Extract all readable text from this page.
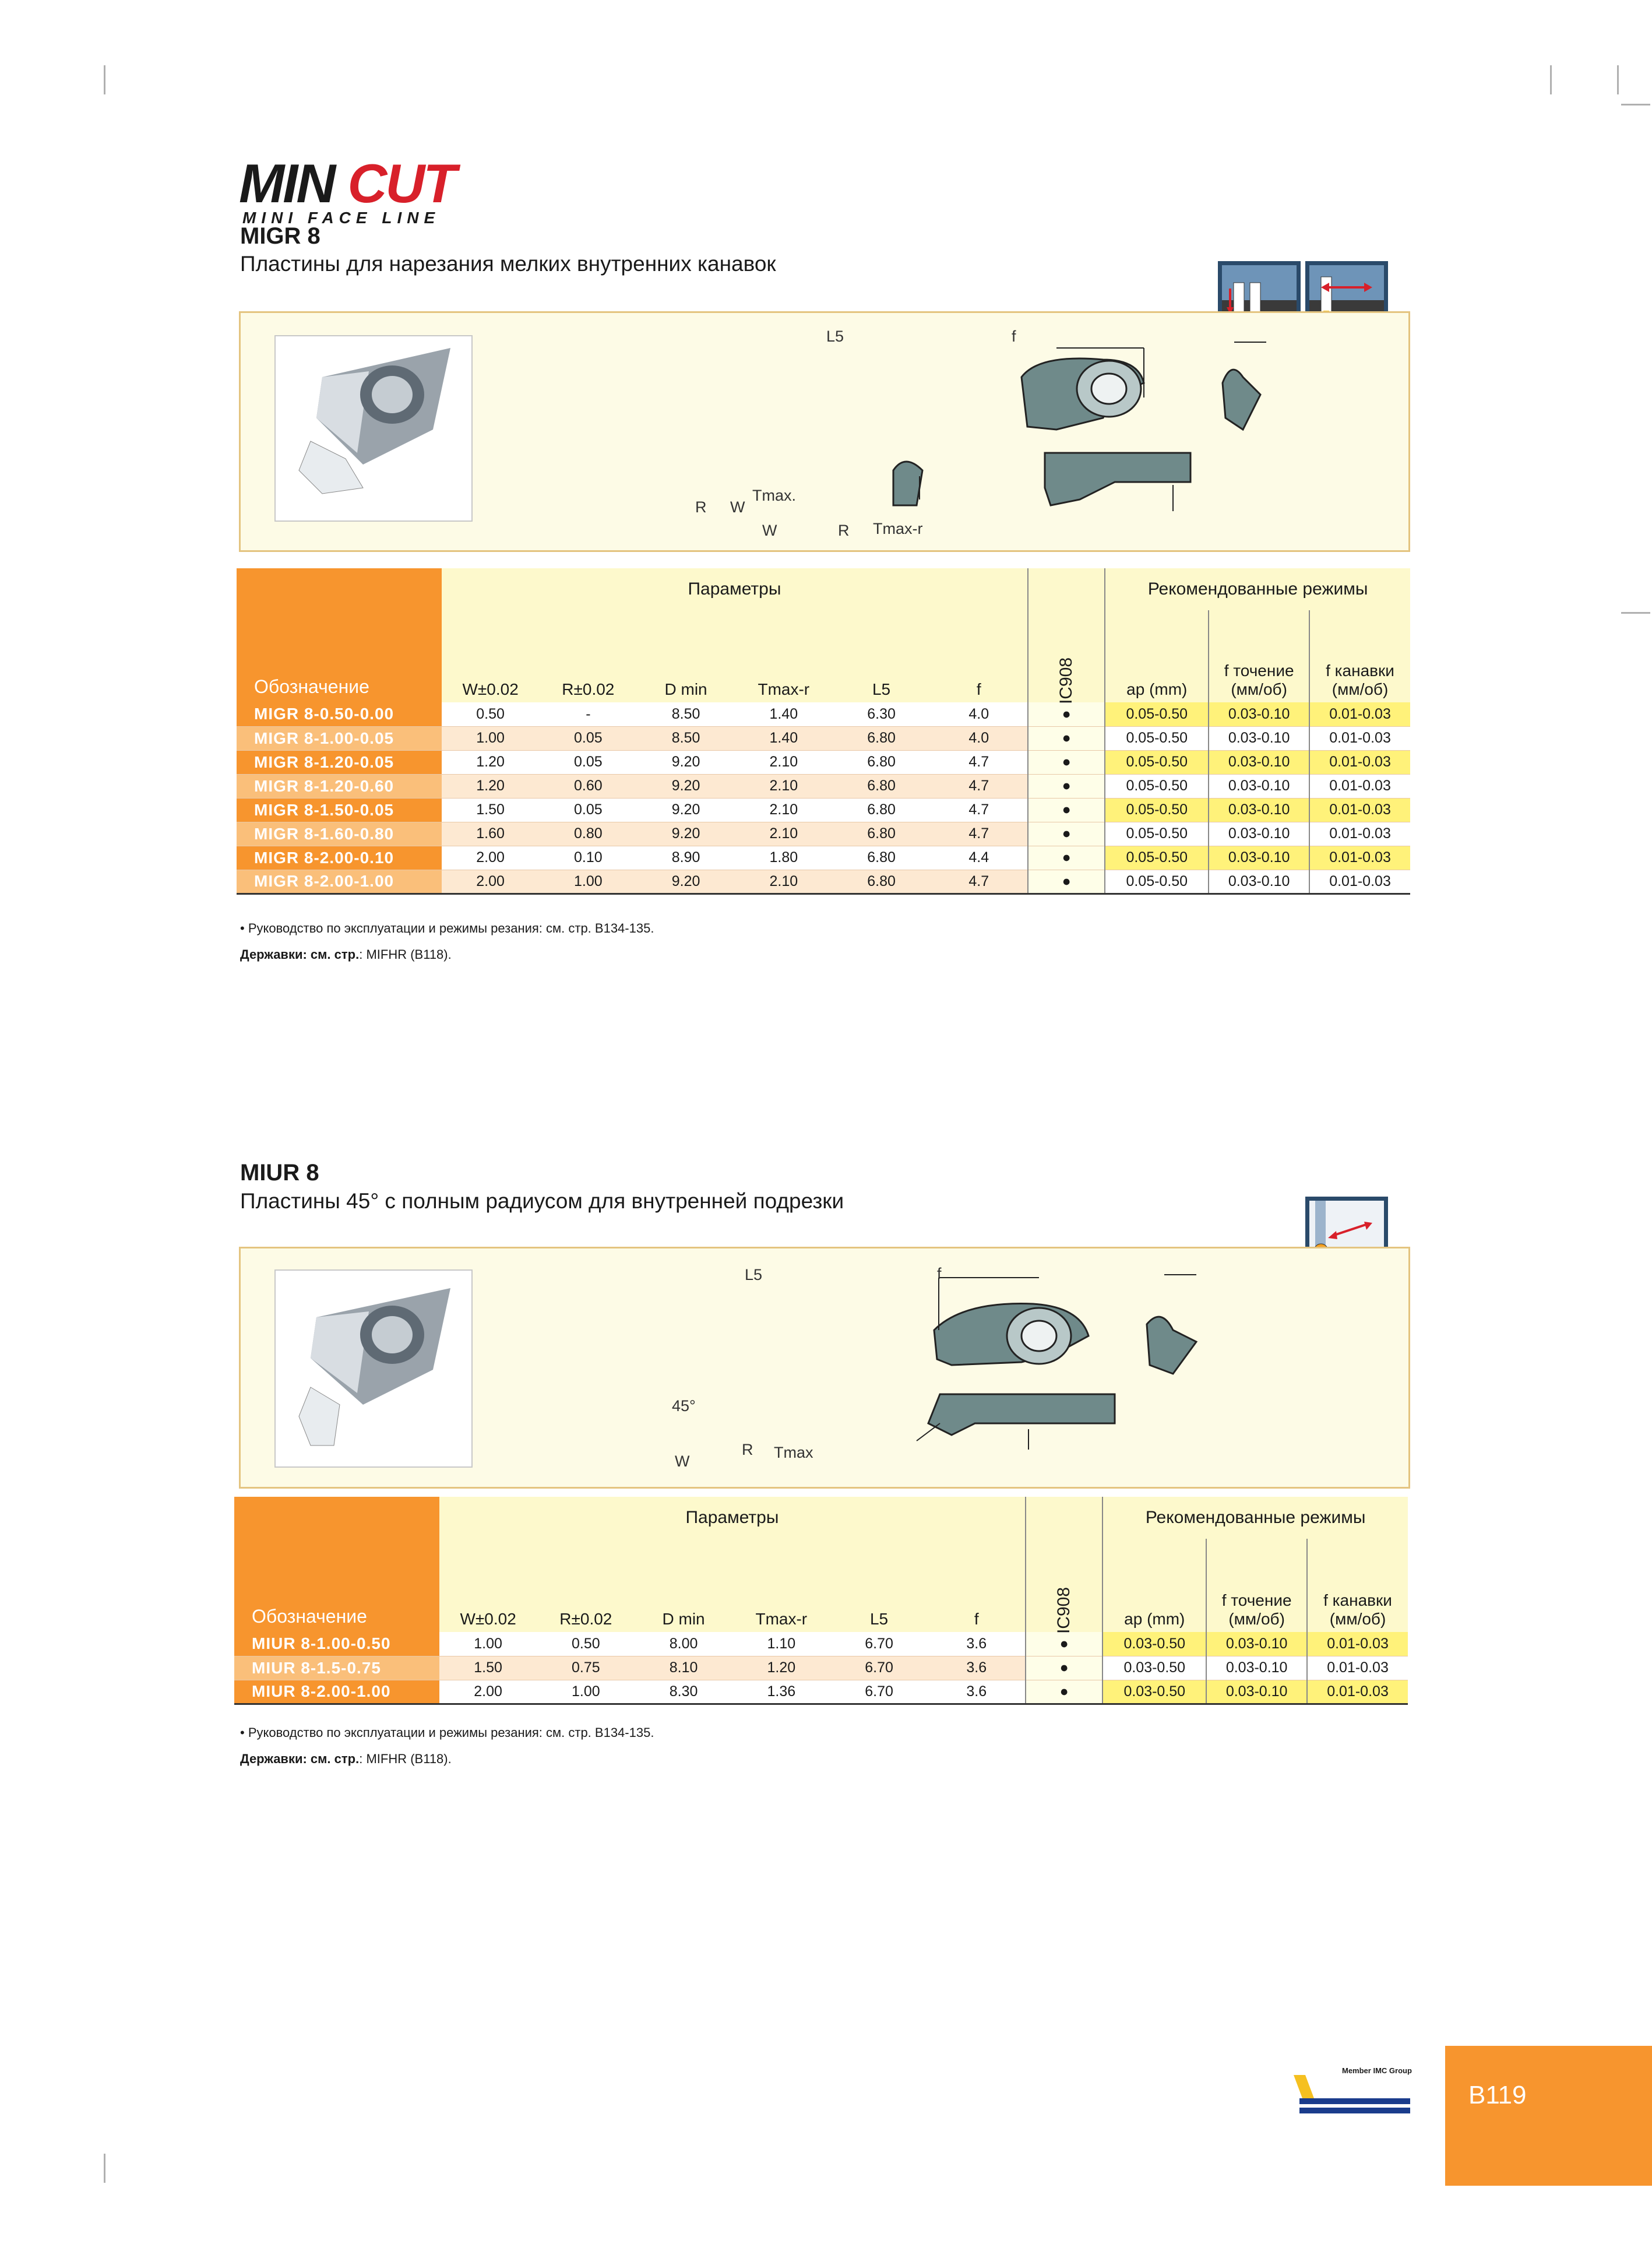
MIN CUT
MINI FACE LINE
MIGR 8
Пластины для нарезания мелких внутренних канавок
L5	f
R W
Tmax.
W	R Tmax-r
Обозначение	Параметры						IC908	Рекомендованные режимы		
	W±0.02	R±0.02	D min	Tmax-r	L5	f		ap (mm)	f точение (мм/об)	f канавки (мм/об)
MIGR 8-0.50-0.00	0.50	-	8.50	1.40	6.30	4.0	●	0.05-0.50	0.03-0.10	0.01-0.03
MIGR 8-1.00-0.05	1.00	0.05	8.50	1.40	6.80	4.0	●	0.05-0.50	0.03-0.10	0.01-0.03
MIGR 8-1.20-0.05	1.20	0.05	9.20	2.10	6.80	4.7	●	0.05-0.50	0.03-0.10	0.01-0.03
MIGR 8-1.20-0.60	1.20	0.60	9.20	2.10	6.80	4.7	●	0.05-0.50	0.03-0.10	0.01-0.03
MIGR 8-1.50-0.05	1.50	0.05	9.20	2.10	6.80	4.7	●	0.05-0.50	0.03-0.10	0.01-0.03
MIGR 8-1.60-0.80	1.60	0.80	9.20	2.10	6.80	4.7	●	0.05-0.50	0.03-0.10	0.01-0.03
MIGR 8-2.00-0.10	2.00	0.10	8.90	1.80	6.80	4.4	●	0.05-0.50	0.03-0.10	0.01-0.03
MIGR 8-2.00-1.00	2.00	1.00	9.20	2.10	6.80	4.7	●	0.05-0.50	0.03-0.10	0.01-0.03
• Руководство по эксплуатации и режимы резания: см. стр. B134-135.
Державки: см. стр.: MIFHR (B118).
MIUR 8
Пластины 45° с полным радиусом для внутренней подрезки
L5	f
45°
W
R Tmax
Обозначение	Параметры						IC908	Рекомендованные режимы		
	W±0.02	R±0.02	D min	Tmax-r	L5	f		ap (mm)	f точение (мм/об)	f канавки (мм/об)
MIUR 8-1.00-0.50	1.00	0.50	8.00	1.10	6.70	3.6	●	0.03-0.50	0.03-0.10	0.01-0.03
MIUR 8-1.5-0.75	1.50	0.75	8.10	1.20	6.70	3.6	●	0.03-0.50	0.03-0.10	0.01-0.03
MIUR 8-2.00-1.00	2.00	1.00	8.30	1.36	6.70	3.6	●	0.03-0.50	0.03-0.10	0.01-0.03
• Руководство по эксплуатации и режимы резания: см. стр. B134-135.
Державки: см. стр.: MIFHR (B118).
Member IMC Group
B119
